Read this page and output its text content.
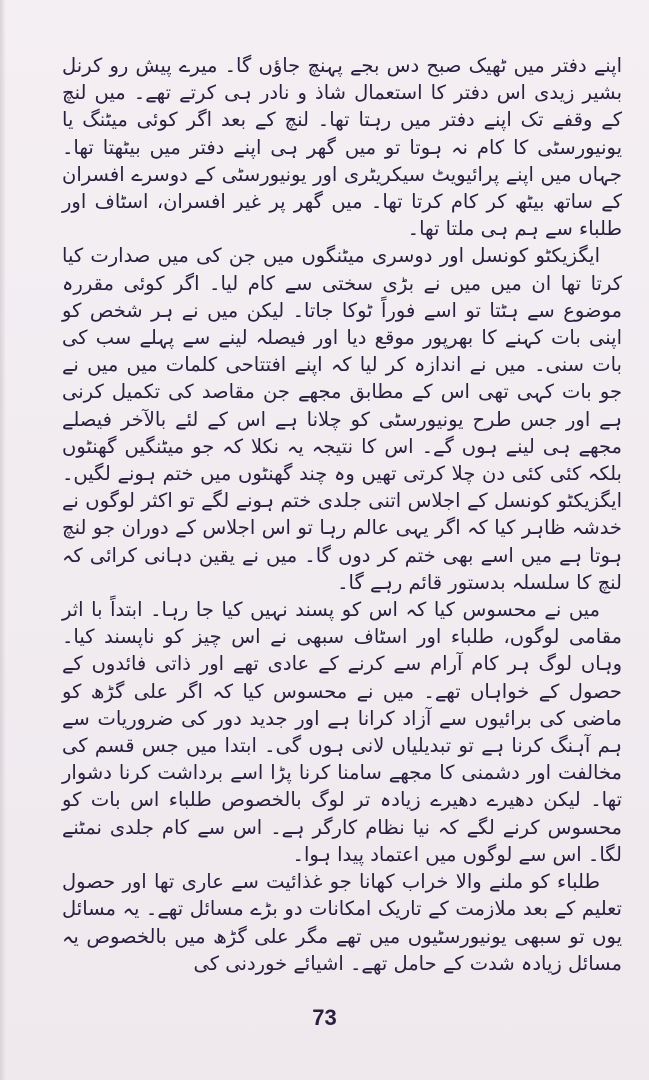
اپنے دفتر میں ٹھیک صبح دس بجے پہنچ جاؤں گا۔ میرے پیش رو کرنل بشیر زیدی اس دفتر کا استعمال شاذ و نادر ہی کرتے تھے۔ میں لنچ کے وقفے تک اپنے دفتر میں رہتا تھا۔ لنچ کے بعد اگر کوئی میٹنگ یا یونیورسٹی کا کام نہ ہوتا تو میں گھر ہی اپنے دفتر میں بیٹھتا تھا۔ جہاں میں اپنے پرائیویٹ سیکریٹری اور یونیورسٹی کے دوسرے افسران کے ساتھ بیٹھ کر کام کرتا تھا۔ میں گھر پر غیر افسران، اسٹاف اور طلباء سے ہم ہی ملتا تھا۔

ایگزیکٹو کونسل اور دوسری میٹنگوں میں جن کی میں صدارت کیا کرتا تھا ان میں میں نے بڑی سختی سے کام لیا۔ اگر کوئی مقررہ موضوع سے ہٹتا تو اسے فوراً ٹوکا جاتا۔ لیکن میں نے ہر شخص کو اپنی بات کہنے کا بھرپور موقع دیا اور فیصلہ لینے سے پہلے سب کی بات سنی۔ میں نے اندازہ کر لیا کہ اپنے افتتاحی کلمات میں میں نے جو بات کہی تھی اس کے مطابق مجھے جن مقاصد کی تکمیل کرنی ہے اور جس طرح یونیورسٹی کو چلانا ہے اس کے لئے بالآخر فیصلے مجھے ہی لینے ہوں گے۔ اس کا نتیجہ یہ نکلا کہ جو میٹنگیں گھنٹوں بلکہ کئی کئی دن چلا کرتی تھیں وہ چند گھنٹوں میں ختم ہونے لگیں۔ ایگزیکٹو کونسل کے اجلاس اتنی جلدی ختم ہونے لگے تو اکثر لوگوں نے خدشہ ظاہر کیا کہ اگر یہی عالم رہا تو اس اجلاس کے دوران جو لنچ ہوتا ہے میں اسے بھی ختم کر دوں گا۔ میں نے یقین دہانی کرائی کہ لنچ کا سلسلہ بدستور قائم رہے گا۔

میں نے محسوس کیا کہ اس کو پسند نہیں کیا جا رہا۔ ابتداً با اثر مقامی لوگوں، طلباء اور اسٹاف سبھی نے اس چیز کو ناپسند کیا۔ وہاں لوگ ہر کام آرام سے کرنے کے عادی تھے اور ذاتی فائدوں کے حصول کے خواہاں تھے۔ میں نے محسوس کیا کہ اگر علی گڑھ کو ماضی کی برائیوں سے آزاد کرانا ہے اور جدید دور کی ضروریات سے ہم آہنگ کرنا ہے تو تبدیلیاں لانی ہوں گی۔ ابتدا میں جس قسم کی مخالفت اور دشمنی کا مجھے سامنا کرنا پڑا اسے برداشت کرنا دشوار تھا۔ لیکن دھیرے دھیرے زیادہ تر لوگ بالخصوص طلباء اس بات کو محسوس کرنے لگے کہ نیا نظام کارگر ہے۔ اس سے کام جلدی نمٹنے لگا۔ اس سے لوگوں میں اعتماد پیدا ہوا۔

طلباء کو ملنے والا خراب کھانا جو غذائیت سے عاری تھا اور حصول تعلیم کے بعد ملازمت کے تاریک امکانات دو بڑے مسائل تھے۔ یہ مسائل یوں تو سبھی یونیورسٹیوں میں تھے مگر علی گڑھ میں بالخصوص یہ مسائل زیادہ شدت کے حامل تھے۔ اشیائے خوردنی کی

73
